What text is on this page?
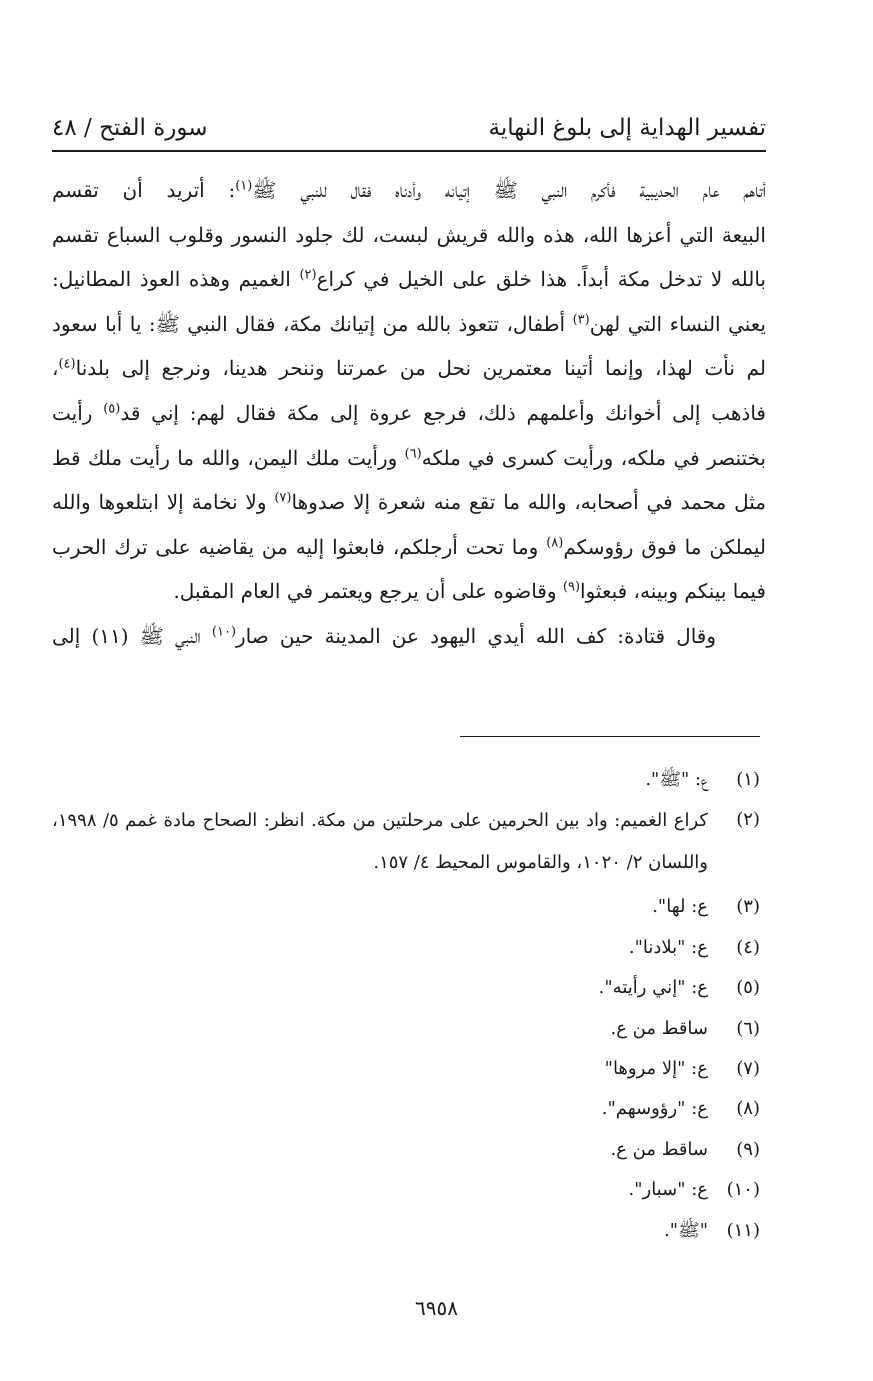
تفسير الهداية إلى بلوغ النهاية
سورة الفتح / ٤٨
أتاهم عام الحديبية فأكرم النبي ﷺ إتيانه وأدناه فقال للنبي ﷺ$^{(١)}$: أتريد أن تقسم
البيعة التي أعزها الله، هذه والله قريش لبست، لك جلود النسور وقلوب السباع تقسم
بالله لا تدخل مكة أبداً. هذا خلق على الخيل في كراع$^{(٢)}$ الغميم وهذه العوذ المطانيل:
يعني النساء التي لهن$^{(٣)}$ أطفال، تتعوذ بالله من إتيانك مكة، فقال النبي ﷺ: يا أبا سعود
لم نأت لهذا، وإنما أتينا معتمرين نحل من عمرتنا وننحر هدينا، ونرجع إلى بلدنا$^{(٤)}$،
فاذهب إلى أخوانك وأعلمهم ذلك، فرجع عروة إلى مكة فقال لهم: إني قد$^{(٥)}$ رأيت
بختنصر في ملكه، ورأيت كسرى في ملكه$^{(٦)}$ ورأيت ملك اليمن، والله ما رأيت ملك قط
مثل محمد في أصحابه، والله ما تقع منه شعرة إلا صدوها$^{(٧)}$ ولا نخامة إلا ابتلعوها والله
ليملكن ما فوق رؤوسكم$^{(٨)}$ وما تحت أرجلكم، فابعثوا إليه من يقاضيه على ترك الحرب
فيما بينكم وبينه، فبعثوا$^{(٩)}$ وقاضوه على أن يرجع ويعتمر في العام المقبل.
وقال قتادة: كف الله أيدي اليهود عن المدينة حين صار$^{(١٠)}$ النبي ﷺ (١١) إلى
(١)
ع: "ﷺ".
(٢)
كراع الغميم: واد بين الحرمين على مرحلتين من مكة. انظر: الصحاح مادة غمم ٥/ ١٩٩٨، واللسان ٢/ ١٠٢٠، والقاموس المحيط ٤/ ١٥٧.
(٣)
ع: لها".
(٤)
ع: "بلادنا".
(٥)
ع: "إني رأيته".
(٦)
ساقط من ع.
(٧)
ع: "إلا مروها"
(٨)
ع: "رؤوسهم".
(٩)
ساقط من ع.
(١٠)
ع: "سبار".
(١١)
"ﷺ".
٦٩٥٨
